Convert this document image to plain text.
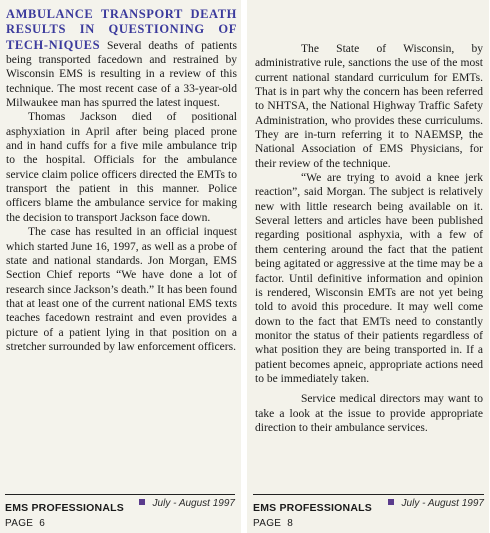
AMBULANCE TRANSPORT DEATH RESULTS IN QUESTIONING OF TECH-NIQUES Several deaths of patients being transported facedown and restrained by Wisconsin EMS is resulting in a review of this technique. The most recent case of a 33-year-old Milwaukee man has spurred the latest inquest.

Thomas Jackson died of positional asphyxiation in April after being placed prone and in hand cuffs for a five mile ambulance trip to the hospital. Officials for the ambulance service claim police officers directed the EMTs to transport the patient in this manner. Police officers blame the ambulance service for making the decision to transport Jackson face down.

The case has resulted in an official inquest which started June 16, 1997, as well as a probe of state and national standards. Jon Morgan, EMS Section Chief reports “We have done a lot of research since Jackson’s death.” It has been found that at least one of the current national EMS texts teaches facedown restraint and even provides a picture of a patient lying in that position on a stretcher surrounded by law enforcement officers.

EMS PROFESSIONALS	July - August 1997
PAGE 6

The State of Wisconsin, by administrative rule, sanctions the use of the most current national standard curriculum for EMTs. That is in part why the concern has been referred to NHTSA, the National Highway Traffic Safety Administration, who provides these curriculums. They are in-turn referring it to NAEMSP, the National Association of EMS Physicians, for their review of the technique.

“We are trying to avoid a knee jerk reaction”, said Morgan. The subject is relatively new with little research being available on it. Several letters and articles have been published regarding positional asphyxia, with a few of them centering around the fact that the patient being agitated or aggressive at the time may be a factor. Until definitive information and opinion is rendered, Wisconsin EMTs are not yet being told to avoid this procedure. It may well come down to the fact that EMTs need to constantly monitor the status of their patients regardless of what position they are being transported in. If a patient becomes apneic, appropriate actions need to be immediately taken.

Service medical directors may want to take a look at the issue to provide appropriate direction to their ambulance services.

EMS PROFESSIONALS	July - August 1997
PAGE 8
